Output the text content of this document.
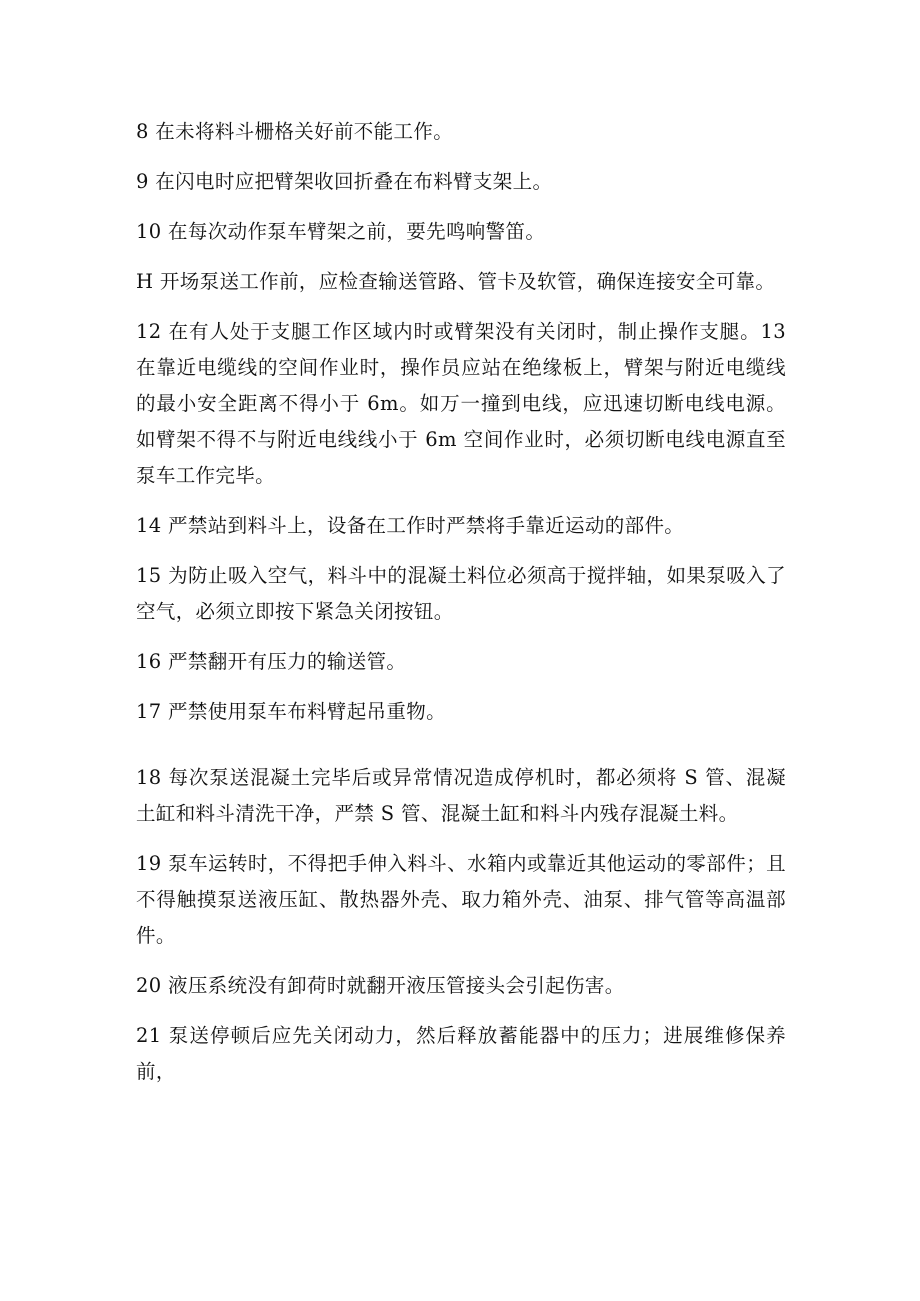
8 在未将料斗栅格关好前不能工作。

9 在闪电时应把臂架收回折叠在布料臂支架上。

10 在每次动作泵车臂架之前，要先鸣响警笛。

H 开场泵送工作前，应检查输送管路、管卡及软管，确保连接安全可靠。

12 在有人处于支腿工作区域内时或臂架没有关闭时，制止操作支腿。13 在靠近电缆线的空间作业时，操作员应站在绝缘板上，臂架与附近电缆线的最小安全距离不得小于 6m。如万一撞到电线，应迅速切断电线电源。如臂架不得不与附近电线线小于 6m 空间作业时，必须切断电线电源直至泵车工作完毕。

14 严禁站到料斗上，设备在工作时严禁将手靠近运动的部件。

15 为防止吸入空气，料斗中的混凝土料位必须高于搅拌轴，如果泵吸入了空气，必须立即按下紧急关闭按钮。

16 严禁翻开有压力的输送管。

17 严禁使用泵车布料臂起吊重物。

18 每次泵送混凝土完毕后或异常情况造成停机时，都必须将 S 管、混凝土缸和料斗清洗干净，严禁 S 管、混凝土缸和料斗内残存混凝土料。

19 泵车运转时，不得把手伸入料斗、水箱内或靠近其他运动的零部件；且不得触摸泵送液压缸、散热器外壳、取力箱外壳、油泵、排气管等高温部件。

20 液压系统没有卸荷时就翻开液压管接头会引起伤害。

21 泵送停顿后应先关闭动力，然后释放蓄能器中的压力；进展维修保养前，
